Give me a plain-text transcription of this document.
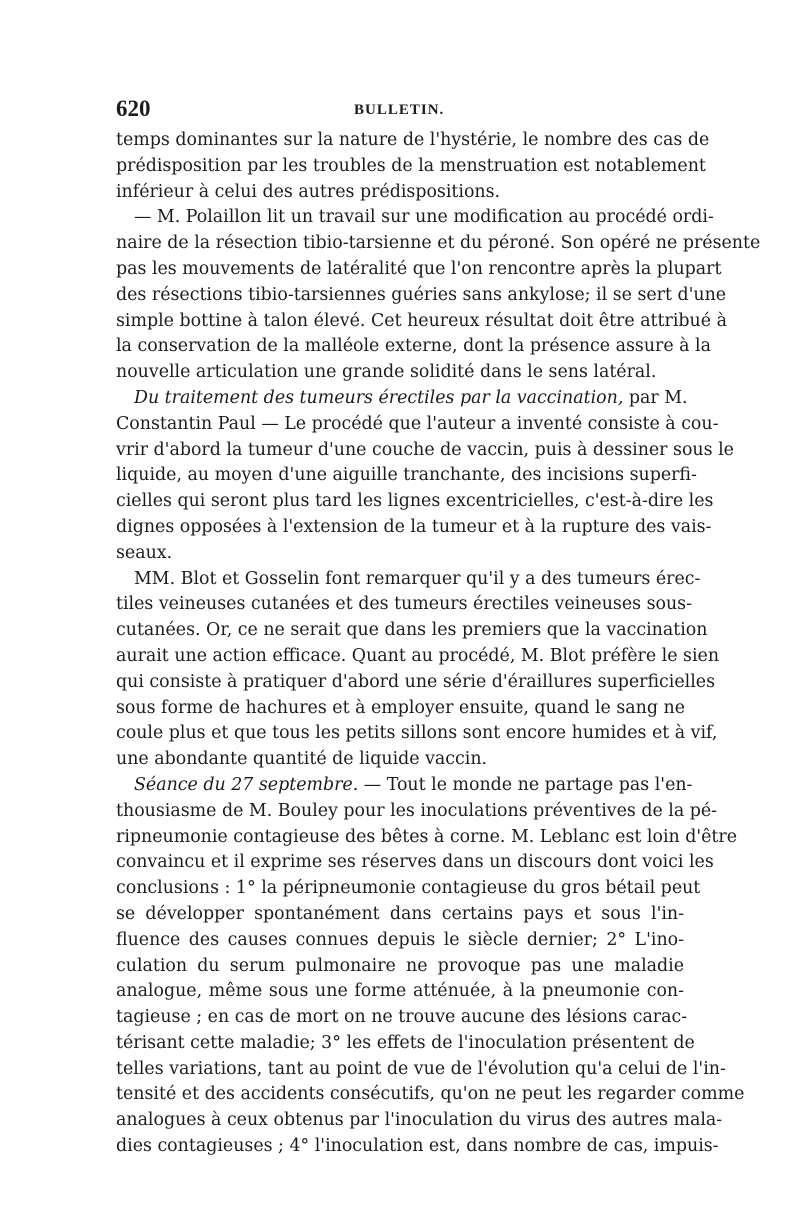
620	BULLETIN.
temps dominantes sur la nature de l'hystérie, le nombre des cas de
prédisposition par les troubles de la menstruation est notablement
inférieur à celui des autres prédispositions.
— M. Polaillon lit un travail sur une modification au procédé ordi-
naire de la résection tibio-tarsienne et du péroné. Son opéré ne présente
pas les mouvements de latéralité que l'on rencontre après la plupart
des résections tibio-tarsiennes guéries sans ankylose; il se sert d'une
simple bottine à talon élevé. Cet heureux résultat doit être attribué à
la conservation de la malléole externe, dont la présence assure à la
nouvelle articulation une grande solidité dans le sens latéral.
Du traitement des tumeurs érectiles par la vaccination, par M.
Constantin Paul — Le procédé que l'auteur a inventé consiste à cou-
vrir d'abord la tumeur d'une couche de vaccin, puis à dessiner sous le
liquide, au moyen d'une aiguille tranchante, des incisions superfi-
cielles qui seront plus tard les lignes excentricielles, c'est-à-dire les
dignes opposées à l'extension de la tumeur et à la rupture des vais-
seaux.
MM. Blot et Gosselin font remarquer qu'il y a des tumeurs érec-
tiles veineuses cutanées et des tumeurs érectiles veineuses sous-
cutanées. Or, ce ne serait que dans les premiers que la vaccination
aurait une action efficace. Quant au procédé, M. Blot préfère le sien
qui consiste à pratiquer d'abord une série d'éraillures superficielles
sous forme de hachures et à employer ensuite, quand le sang ne
coule plus et que tous les petits sillons sont encore humides et à vif,
une abondante quantité de liquide vaccin.
Séance du 27 septembre. — Tout le monde ne partage pas l'en-
thousiasme de M. Bouley pour les inoculations préventives de la pé-
ripneumonie contagieuse des bêtes à corne. M. Leblanc est loin d'être
convaincu et il exprime ses réserves dans un discours dont voici les
conclusions : 1° la péripneumonie contagieuse du gros bétail peut
se développer spontanément dans certains pays et sous l'in-
fluence des causes connues depuis le siècle dernier; 2° L'ino-
culation du serum pulmonaire ne provoque pas une maladie
analogue, même sous une forme atténuée, à la pneumonie con-
tagieuse ; en cas de mort on ne trouve aucune des lésions carac-
térisant cette maladie; 3° les effets de l'inoculation présentent de
telles variations, tant au point de vue de l'évolution qu'a celui de l'in-
tensité et des accidents consécutifs, qu'on ne peut les regarder comme
analogues à ceux obtenus par l'inoculation du virus des autres mala-
dies contagieuses ; 4° l'inoculation est, dans nombre de cas, impuis-
